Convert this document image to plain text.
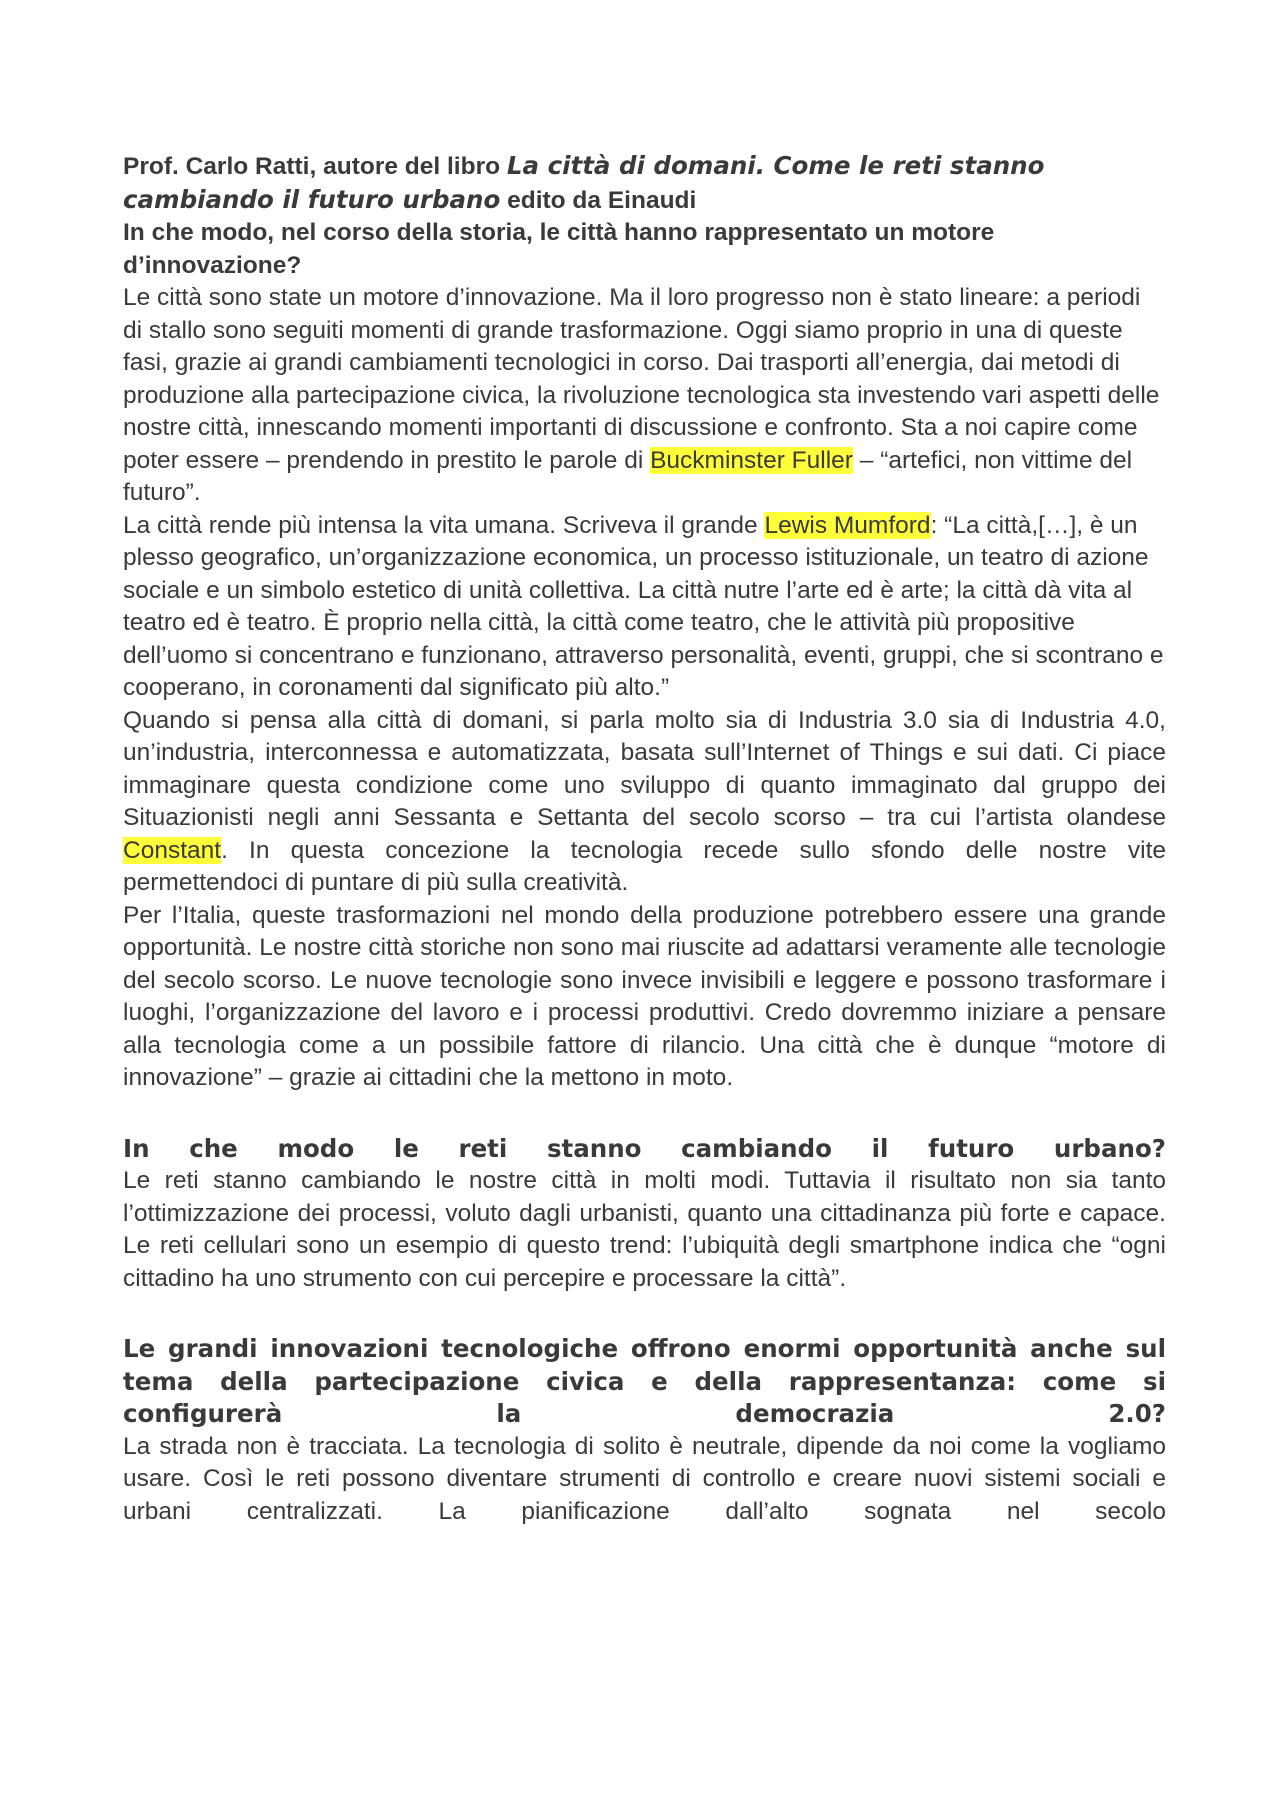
Prof. Carlo Ratti, autore del libro La città di domani. Come le reti stanno cambiando il futuro urbano edito da Einaudi

In che modo, nel corso della storia, le città hanno rappresentato un motore d’innovazione?

Le città sono state un motore d’innovazione. Ma il loro progresso non è stato lineare: a periodi di stallo sono seguiti momenti di grande trasformazione. Oggi siamo proprio in una di queste fasi, grazie ai grandi cambiamenti tecnologici in corso. Dai trasporti all’energia, dai metodi di produzione alla partecipazione civica, la rivoluzione tecnologica sta investendo vari aspetti delle nostre città, innescando momenti importanti di discussione e confronto. Sta a noi capire come poter essere – prendendo in prestito le parole di Buckminster Fuller – “artefici, non vittime del futuro”.

La città rende più intensa la vita umana. Scriveva il grande Lewis Mumford: “La città,[…], è un plesso geografico, un’organizzazione economica, un processo istituzionale, un teatro di azione sociale e un simbolo estetico di unità collettiva. La città nutre l’arte ed è arte; la città dà vita al teatro ed è teatro. È proprio nella città, la città come teatro, che le attività più propositive dell’uomo si concentrano e funzionano, attraverso personalità, eventi, gruppi, che si scontrano e cooperano, in coronamenti dal significato più alto.”

Quando si pensa alla città di domani, si parla molto sia di Industria 3.0 sia di Industria 4.0, un’industria, interconnessa e automatizzata, basata sull’Internet of Things e sui dati. Ci piace immaginare questa condizione come uno sviluppo di quanto immaginato dal gruppo dei Situazionisti negli anni Sessanta e Settanta del secolo scorso – tra cui l’artista olandese Constant. In questa concezione la tecnologia recede sullo sfondo delle nostre vite permettendoci di puntare di più sulla creatività.

Per l’Italia, queste trasformazioni nel mondo della produzione potrebbero essere una grande opportunità. Le nostre città storiche non sono mai riuscite ad adattarsi veramente alle tecnologie del secolo scorso. Le nuove tecnologie sono invece invisibili e leggere e possono trasformare i luoghi, l’organizzazione del lavoro e i processi produttivi. Credo dovremmo iniziare a pensare alla tecnologia come a un possibile fattore di rilancio. Una città che è dunque “motore di innovazione” – grazie ai cittadini che la mettono in moto.

In che modo le reti stanno cambiando il futuro urbano?

Le reti stanno cambiando le nostre città in molti modi. Tuttavia il risultato non sia tanto l’ottimizzazione dei processi, voluto dagli urbanisti, quanto una cittadinanza più forte e capace. Le reti cellulari sono un esempio di questo trend: l’ubiquità degli smartphone indica che “ogni cittadino ha uno strumento con cui percepire e processare la città”.

Le grandi innovazioni tecnologiche offrono enormi opportunità anche sul tema della partecipazione civica e della rappresentanza: come si configurerà la democrazia 2.0?

La strada non è tracciata. La tecnologia di solito è neutrale, dipende da noi come la vogliamo usare. Così le reti possono diventare strumenti di controllo e creare nuovi sistemi sociali e urbani centralizzati. La pianificazione dall’alto sognata nel secolo
